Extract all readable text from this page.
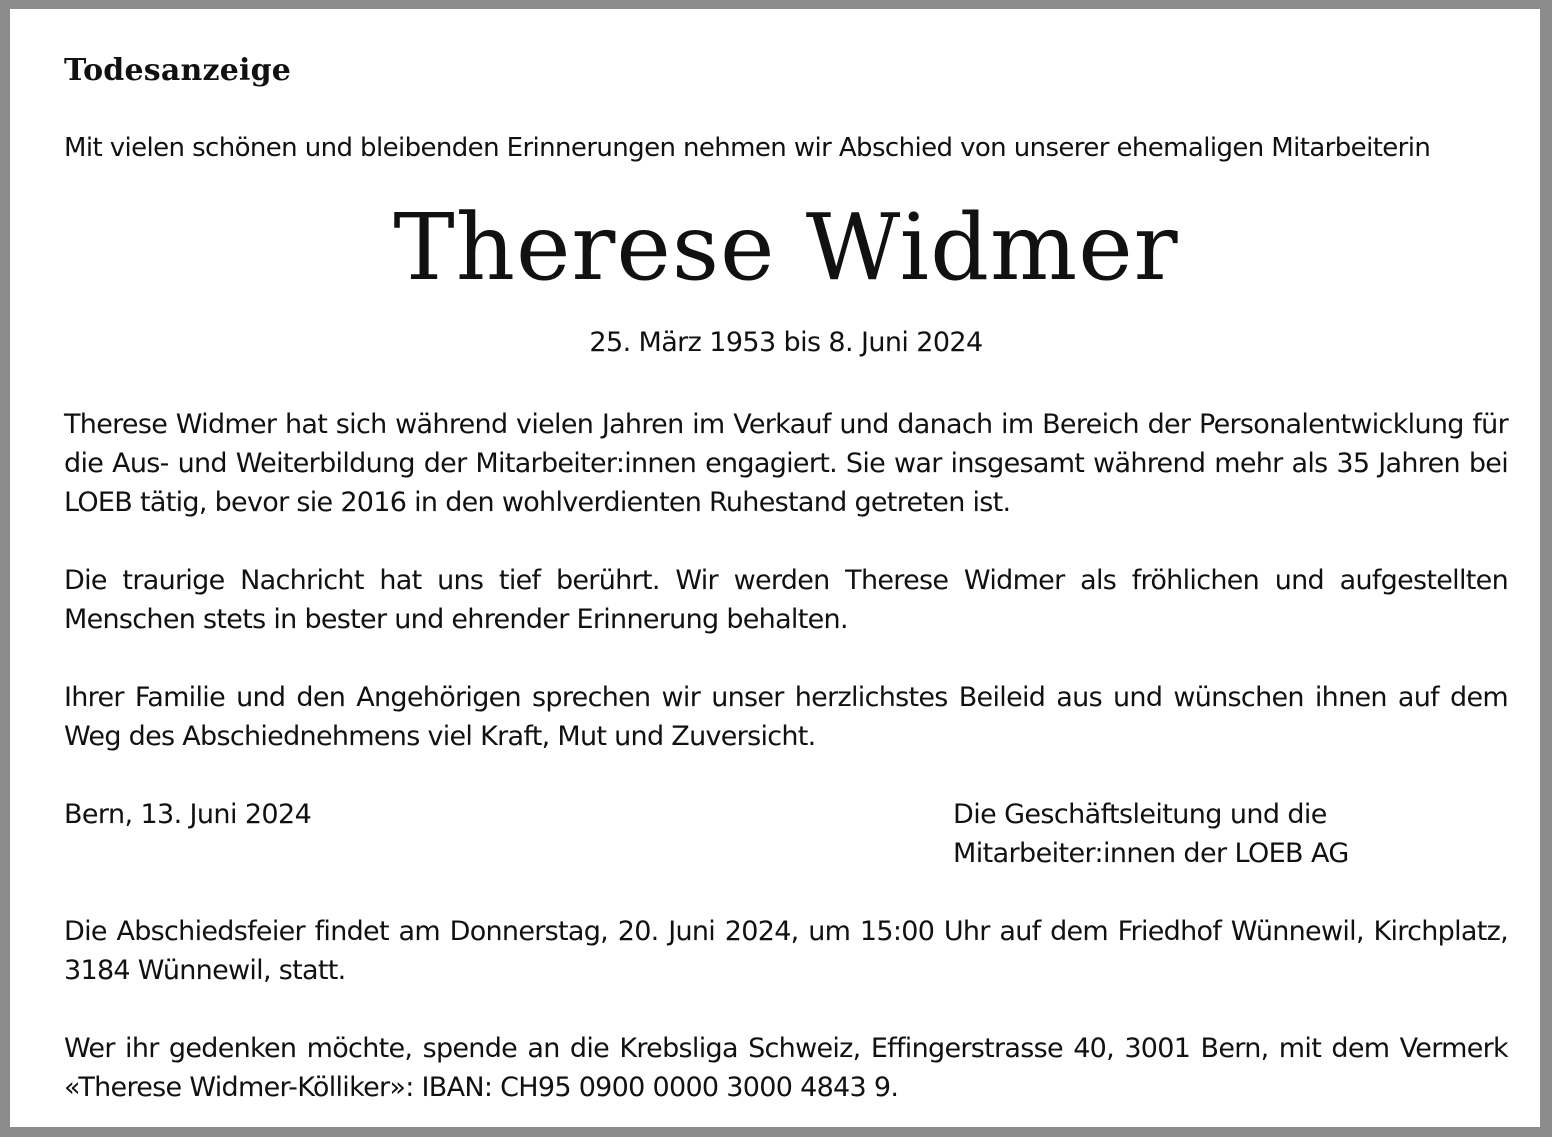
Todesanzeige
Mit vielen schönen und bleibenden Erinnerungen nehmen wir Abschied von unserer ehemaligen Mitarbeiterin
Therese Widmer
25. März 1953 bis 8. Juni 2024

Therese Widmer hat sich während vielen Jahren im Verkauf und danach im Bereich der Personalentwicklung für die Aus- und Weiterbildung der Mitarbeiter:innen engagiert. Sie war insgesamt während mehr als 35 Jahren bei LOEB tätig, bevor sie 2016 in den wohlverdienten Ruhestand getreten ist.

Die traurige Nachricht hat uns tief berührt. Wir werden Therese Widmer als fröhlichen und aufgestellten Menschen stets in bester und ehrender Erinnerung behalten.

Ihrer Familie und den Angehörigen sprechen wir unser herzlichstes Beileid aus und wünschen ihnen auf dem Weg des Abschiednehmens viel Kraft, Mut und Zuversicht.

Bern, 13. Juni 2024	Die Geschäftsleitung und die
Mitarbeiter:innen der LOEB AG

Die Abschiedsfeier findet am Donnerstag, 20. Juni 2024, um 15:00 Uhr auf dem Friedhof Wünnewil, Kirchplatz, 3184 Wünnewil, statt.

Wer ihr gedenken möchte, spende an die Krebsliga Schweiz, Effingerstrasse 40, 3001 Bern, mit dem Vermerk «Therese Widmer-Kölliker»: IBAN: CH95 0900 0000 3000 4843 9.
